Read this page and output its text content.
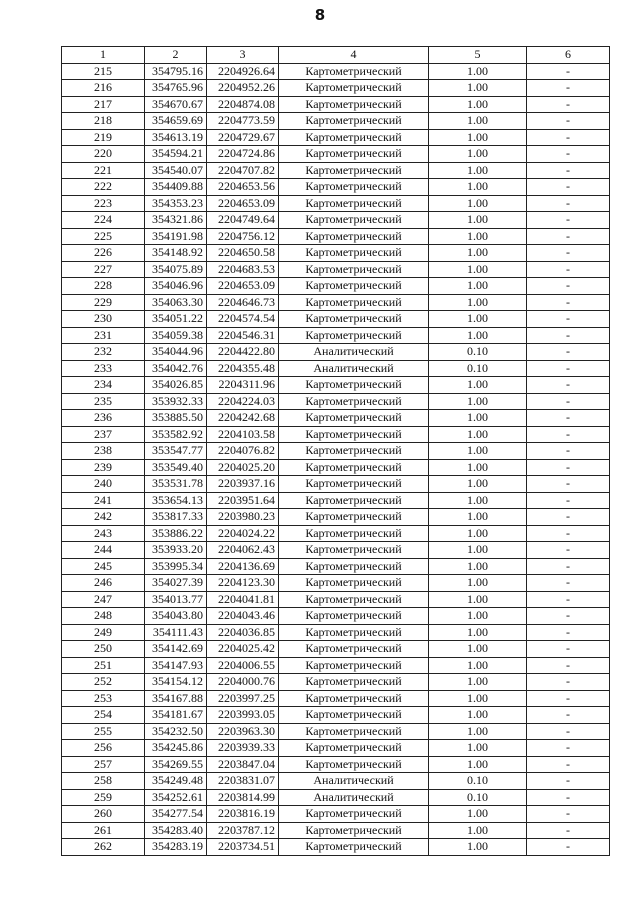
8
1	2	3	4	5	6
215	354795.16	2204926.64	Картометрический	1.00	-
216	354765.96	2204952.26	Картометрический	1.00	-
217	354670.67	2204874.08	Картометрический	1.00	-
218	354659.69	2204773.59	Картометрический	1.00	-
219	354613.19	2204729.67	Картометрический	1.00	-
220	354594.21	2204724.86	Картометрический	1.00	-
221	354540.07	2204707.82	Картометрический	1.00	-
222	354409.88	2204653.56	Картометрический	1.00	-
223	354353.23	2204653.09	Картометрический	1.00	-
224	354321.86	2204749.64	Картометрический	1.00	-
225	354191.98	2204756.12	Картометрический	1.00	-
226	354148.92	2204650.58	Картометрический	1.00	-
227	354075.89	2204683.53	Картометрический	1.00	-
228	354046.96	2204653.09	Картометрический	1.00	-
229	354063.30	2204646.73	Картометрический	1.00	-
230	354051.22	2204574.54	Картометрический	1.00	-
231	354059.38	2204546.31	Картометрический	1.00	-
232	354044.96	2204422.80	Аналитический	0.10	-
233	354042.76	2204355.48	Аналитический	0.10	-
234	354026.85	2204311.96	Картометрический	1.00	-
235	353932.33	2204224.03	Картометрический	1.00	-
236	353885.50	2204242.68	Картометрический	1.00	-
237	353582.92	2204103.58	Картометрический	1.00	-
238	353547.77	2204076.82	Картометрический	1.00	-
239	353549.40	2204025.20	Картометрический	1.00	-
240	353531.78	2203937.16	Картометрический	1.00	-
241	353654.13	2203951.64	Картометрический	1.00	-
242	353817.33	2203980.23	Картометрический	1.00	-
243	353886.22	2204024.22	Картометрический	1.00	-
244	353933.20	2204062.43	Картометрический	1.00	-
245	353995.34	2204136.69	Картометрический	1.00	-
246	354027.39	2204123.30	Картометрический	1.00	-
247	354013.77	2204041.81	Картометрический	1.00	-
248	354043.80	2204043.46	Картометрический	1.00	-
249	354111.43	2204036.85	Картометрический	1.00	-
250	354142.69	2204025.42	Картометрический	1.00	-
251	354147.93	2204006.55	Картометрический	1.00	-
252	354154.12	2204000.76	Картометрический	1.00	-
253	354167.88	2203997.25	Картометрический	1.00	-
254	354181.67	2203993.05	Картометрический	1.00	-
255	354232.50	2203963.30	Картометрический	1.00	-
256	354245.86	2203939.33	Картометрический	1.00	-
257	354269.55	2203847.04	Картометрический	1.00	-
258	354249.48	2203831.07	Аналитический	0.10	-
259	354252.61	2203814.99	Аналитический	0.10	-
260	354277.54	2203816.19	Картометрический	1.00	-
261	354283.40	2203787.12	Картометрический	1.00	-
262	354283.19	2203734.51	Картометрический	1.00	-
